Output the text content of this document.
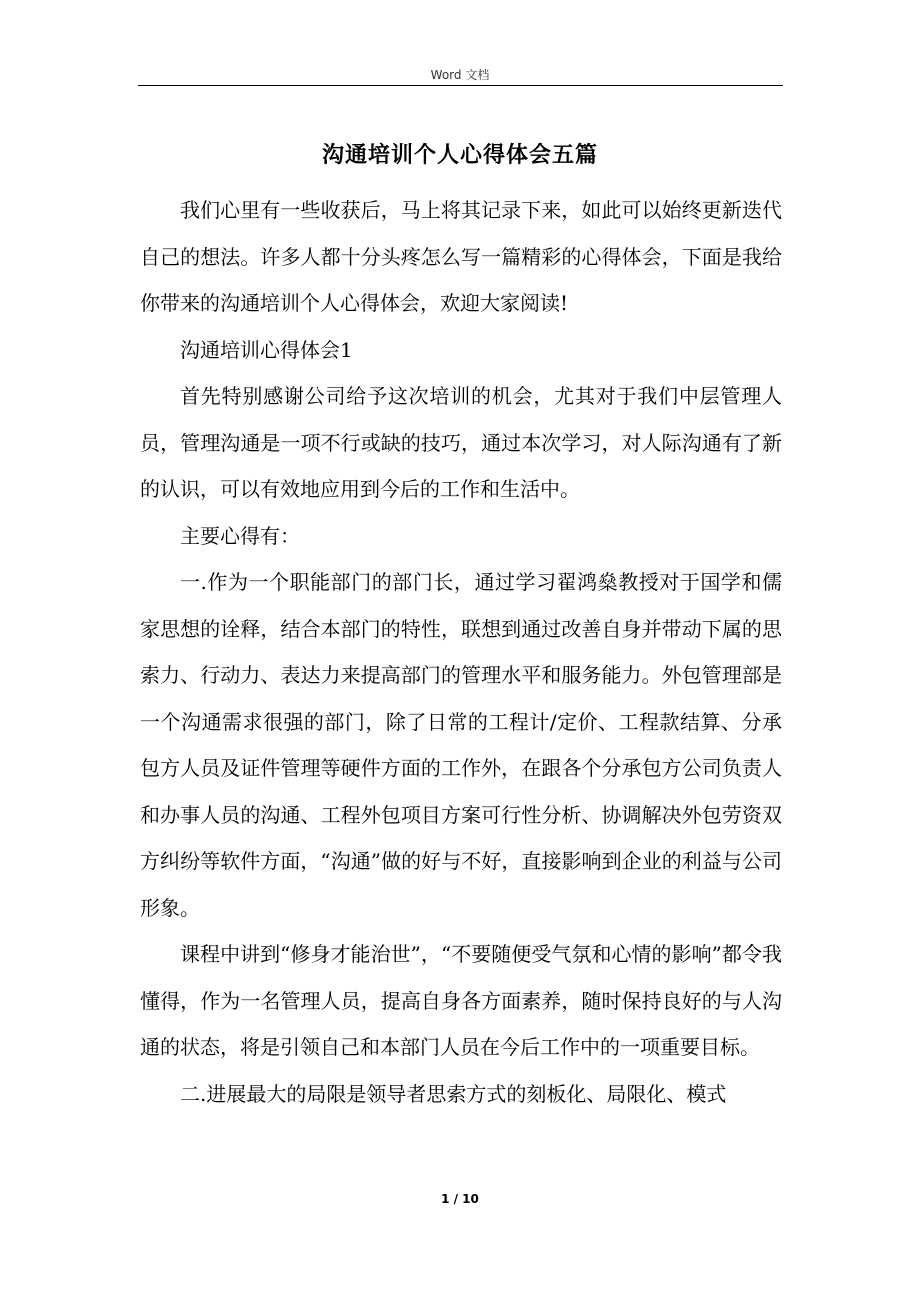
Word 文档
沟通培训个人心得体会五篇

我们心里有一些收获后，马上将其记录下来，如此可以始终更新迭代自己的想法。许多人都十分头疼怎么写一篇精彩的心得体会，下面是我给你带来的沟通培训个人心得体会，欢迎大家阅读!

沟通培训心得体会1

首先特别感谢公司给予这次培训的机会，尤其对于我们中层管理人员，管理沟通是一项不行或缺的技巧，通过本次学习，对人际沟通有了新的认识，可以有效地应用到今后的工作和生活中。

主要心得有：

一.作为一个职能部门的部门长，通过学习翟鸿燊教授对于国学和儒家思想的诠释，结合本部门的特性，联想到通过改善自身并带动下属的思索力、行动力、表达力来提高部门的管理水平和服务能力。外包管理部是一个沟通需求很强的部门，除了日常的工程计/定价、工程款结算、分承包方人员及证件管理等硬件方面的工作外，在跟各个分承包方公司负责人和办事人员的沟通、工程外包项目方案可行性分析、协调解决外包劳资双方纠纷等软件方面，“沟通”做的好与不好，直接影响到企业的利益与公司形象。

课程中讲到“修身才能治世”，“不要随便受气氛和心情的影响”都令我懂得，作为一名管理人员，提高自身各方面素养，随时保持良好的与人沟通的状态，将是引领自己和本部门人员在今后工作中的一项重要目标。

二.进展最大的局限是领导者思索方式的刻板化、局限化、模式

1 / 10
